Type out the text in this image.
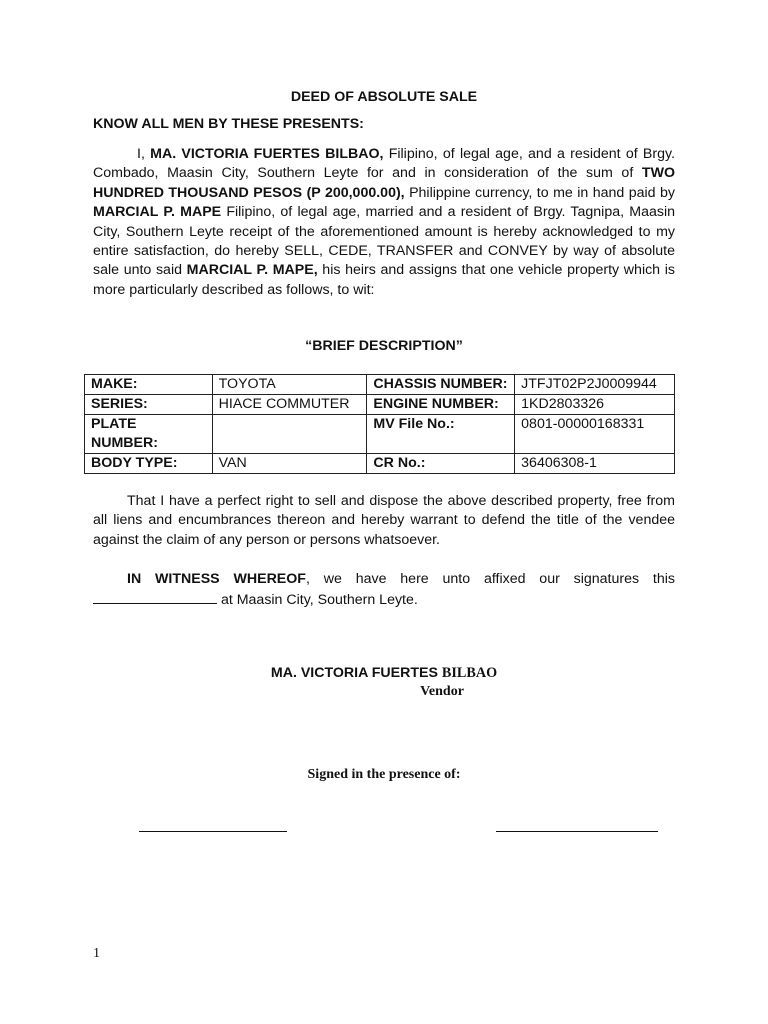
DEED OF ABSOLUTE SALE
KNOW ALL MEN BY THESE PRESENTS:

I, MA. VICTORIA FUERTES BILBAO, Filipino, of legal age, and a resident of Brgy. Combado, Maasin City, Southern Leyte for and in consideration of the sum of TWO HUNDRED THOUSAND PESOS (P 200,000.00), Philippine currency, to me in hand paid by MARCIAL P. MAPE Filipino, of legal age, married and a resident of Brgy. Tagnipa, Maasin City, Southern Leyte receipt of the aforementioned amount is hereby acknowledged to my entire satisfaction, do hereby SELL, CEDE, TRANSFER and CONVEY by way of absolute sale unto said MARCIAL P. MAPE, his heirs and assigns that one vehicle property which is more particularly described as follows, to wit:

“BRIEF DESCRIPTION”
MAKE:	TOYOTA	CHASSIS NUMBER:	JTFJT02P2J0009944
SERIES:	HIACE COMMUTER	ENGINE NUMBER:	1KD2803326
PLATE NUMBER:		MV File No.:	0801-00000168331
BODY TYPE:	VAN	CR No.:	36406308-1

That I have a perfect right to sell and dispose the above described property, free from all liens and encumbrances thereon and hereby warrant to defend the title of the vendee against the claim of any person or persons whatsoever.

IN WITNESS WHEREOF, we have here unto affixed our signatures this  at Maasin City, Southern Leyte.

MA. VICTORIA FUERTES BILBAO
Vendor
Signed in the presence of:
1
